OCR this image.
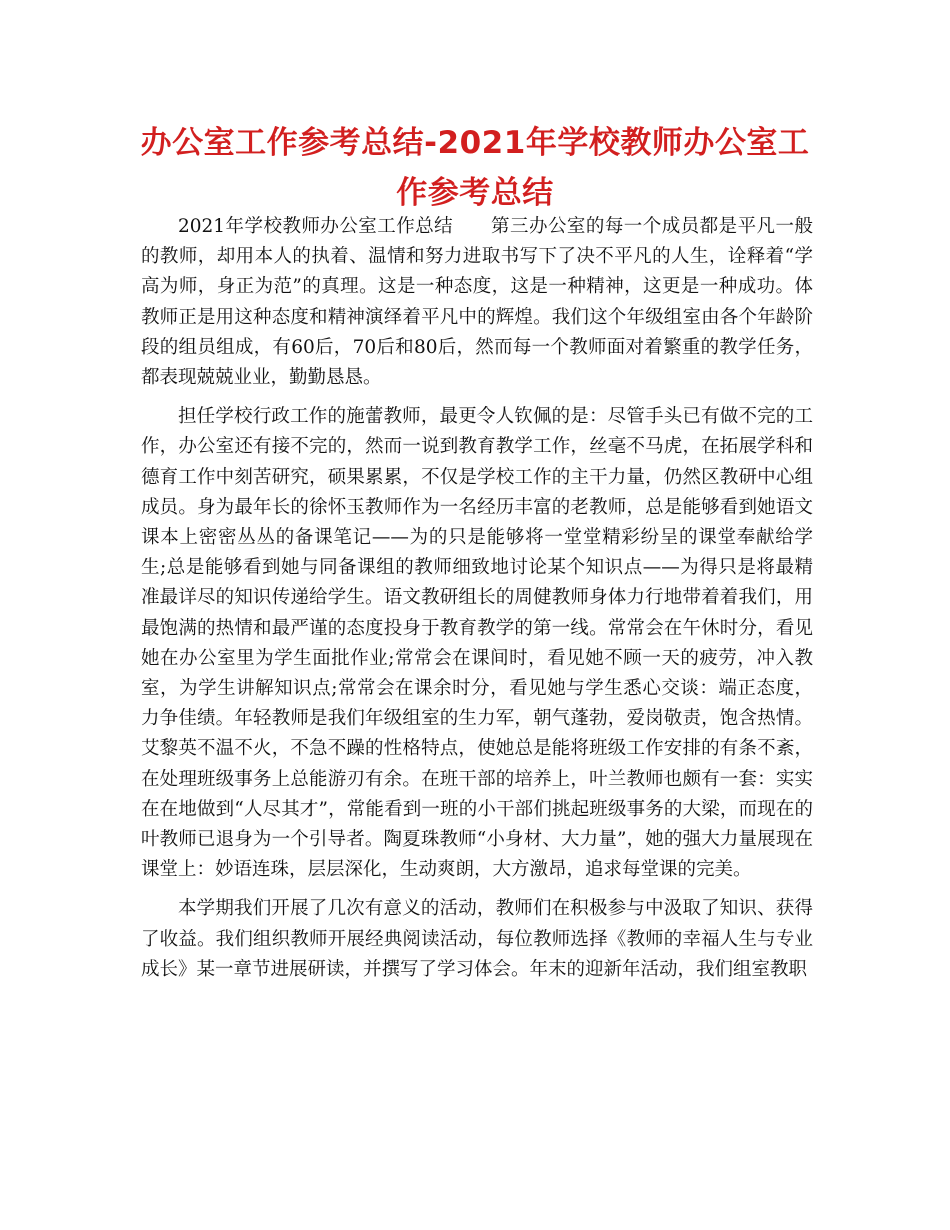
办公室工作参考总结-2021年学校教师办公室工作参考总结

2021年学校教师办公室工作总结　　第三办公室的每一个成员都是平凡一般的教师，却用本人的执着、温情和努力进取书写下了决不平凡的人生，诠释着“学高为师，身正为范”的真理。这是一种态度，这是一种精神，这更是一种成功。体教师正是用这种态度和精神演绎着平凡中的辉煌。我们这个年级组室由各个年龄阶段的组员组成，有60后，70后和80后，然而每一个教师面对着繁重的教学任务，都表现兢兢业业，勤勤恳恳。

担任学校行政工作的施蕾教师，最更令人钦佩的是：尽管手头已有做不完的工作，办公室还有接不完的，然而一说到教育教学工作，丝毫不马虎，在拓展学科和德育工作中刻苦研究，硕果累累，不仅是学校工作的主干力量，仍然区教研中心组成员。身为最年长的徐怀玉教师作为一名经历丰富的老教师，总是能够看到她语文课本上密密丛丛的备课笔记——为的只是能够将一堂堂精彩纷呈的课堂奉献给学生;总是能够看到她与同备课组的教师细致地讨论某个知识点——为得只是将最精准最详尽的知识传递给学生。语文教研组长的周健教师身体力行地带着着我们，用最饱满的热情和最严谨的态度投身于教育教学的第一线。常常会在午休时分，看见她在办公室里为学生面批作业;常常会在课间时，看见她不顾一天的疲劳，冲入教室，为学生讲解知识点;常常会在课余时分，看见她与学生悉心交谈：端正态度，力争佳绩。年轻教师是我们年级组室的生力军，朝气蓬勃，爱岗敬责，饱含热情。艾黎英不温不火，不急不躁的性格特点，使她总是能将班级工作安排的有条不紊，在处理班级事务上总能游刃有余。在班干部的培养上，叶兰教师也颇有一套：实实在在地做到“人尽其才”，常能看到一班的小干部们挑起班级事务的大梁，而现在的叶教师已退身为一个引导者。陶夏珠教师“小身材、大力量”，她的强大力量展现在课堂上：妙语连珠，层层深化，生动爽朗，大方激昂，追求每堂课的完美。

本学期我们开展了几次有意义的活动，教师们在积极参与中汲取了知识、获得了收益。我们组织教师开展经典阅读活动，每位教师选择《教师的幸福人生与专业成长》某一章节进展研读，并撰写了学习体会。年末的迎新年活动，我们组室教职
